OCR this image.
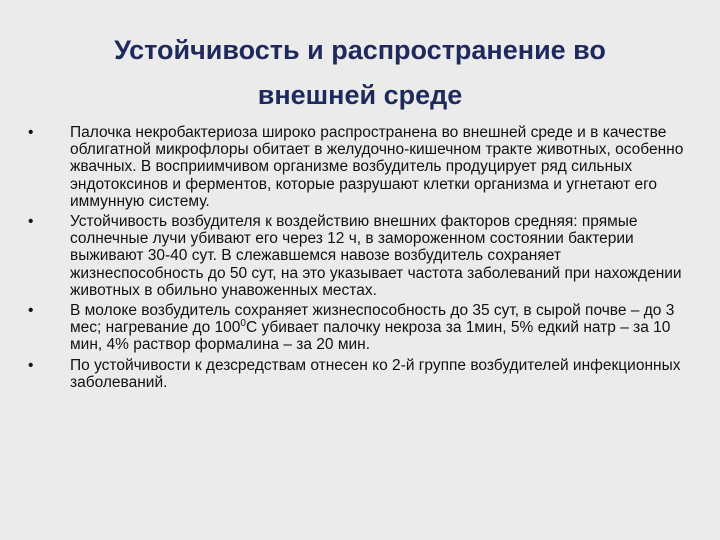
Устойчивость и распространение во
внешней среде
•	Палочка некробактериоза широко распространена во внешней среде и в качестве облигатной микрофлоры обитает в желудочно-кишечном тракте животных, особенно жвачных. В восприимчивом организме возбудитель продуцирует ряд сильных эндотоксинов и ферментов, которые разрушают клетки организма и угнетают его иммунную систему.
•	Устойчивость возбудителя к воздействию внешних факторов средняя: прямые солнечные лучи убивают его через 12 ч, в замороженном состоянии бактерии выживают 30-40 сут. В слежавшемся навозе возбудитель сохраняет жизнеспособность до 50 сут, на это указывает частота заболеваний при нахождении животных в обильно унавоженных местах.
•	В молоке возбудитель сохраняет жизнеспособность до 35 сут, в сырой почве – до 3 мес; нагревание до $100^0С$ убивает палочку некроза за 1мин, 5% едкий натр – за 10 мин, 4% раствор формалина – за 20 мин.
•	По устойчивости к дезсредствам отнесен ко 2-й группе возбудителей инфекционных заболеваний.
